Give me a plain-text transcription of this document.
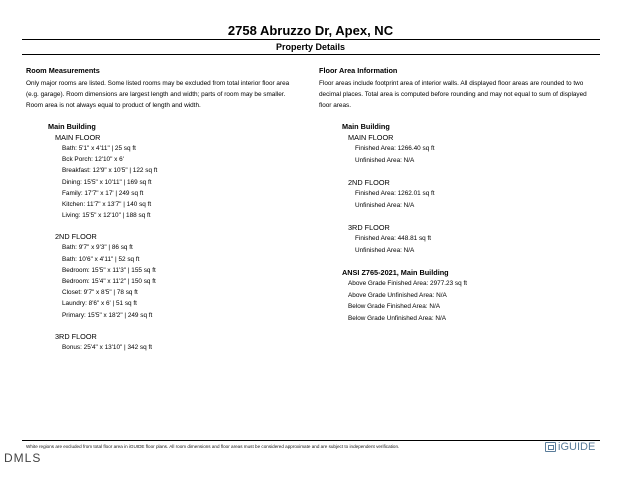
2758 Abruzzo Dr, Apex, NC
Property Details
Room Measurements
Only major rooms are listed. Some listed rooms may be excluded from total interior floor area
(e.g. garage). Room dimensions are largest length and width; parts of room may be smaller.
Room area is not always equal to product of length and width.
Main Building
MAIN FLOOR
Bath: 5'1" x 4'11" | 25 sq ft
Bck Porch: 12'10" x 6'
Breakfast: 12'9" x 10'5" | 122 sq ft
Dining: 15'5" x 10'11" | 169 sq ft
Family: 17'7" x 17' | 249 sq ft
Kitchen: 11'7" x 13'7" | 140 sq ft
Living: 15'5" x 12'10" | 188 sq ft
2ND FLOOR
Bath: 9'7" x 9'3" | 86 sq ft
Bath: 10'6" x 4'11" | 52 sq ft
Bedroom: 15'5" x 11'3" | 155 sq ft
Bedroom: 15'4" x 11'2" | 150 sq ft
Closet: 9'7" x 8'5" | 78 sq ft
Laundry: 8'6" x 6' | 51 sq ft
Primary: 15'5" x 18'2" | 249 sq ft
3RD FLOOR
Bonus: 25'4" x 13'10" | 342 sq ft
Floor Area Information
Floor areas include footprint area of interior walls. All displayed floor areas are rounded to two
decimal places. Total area is computed before rounding and may not equal to sum of displayed
floor areas.
Main Building
MAIN FLOOR
Finished Area: 1266.40 sq ft
Unfinished Area: N/A
2ND FLOOR
Finished Area: 1262.01 sq ft
Unfinished Area: N/A
3RD FLOOR
Finished Area: 448.81 sq ft
Unfinished Area: N/A
ANSI Z765-2021, Main Building
Above Grade Finished Area: 2977.23 sq ft
Above Grade Unfinished Area: N/A
Below Grade Finished Area: N/A
Below Grade Unfinished Area: N/A
White regions are excluded from total floor area in iGUIDE floor plans. All room dimensions and floor areas must be considered approximate and are subject to independent verification.	iGUIDE
DMLS
